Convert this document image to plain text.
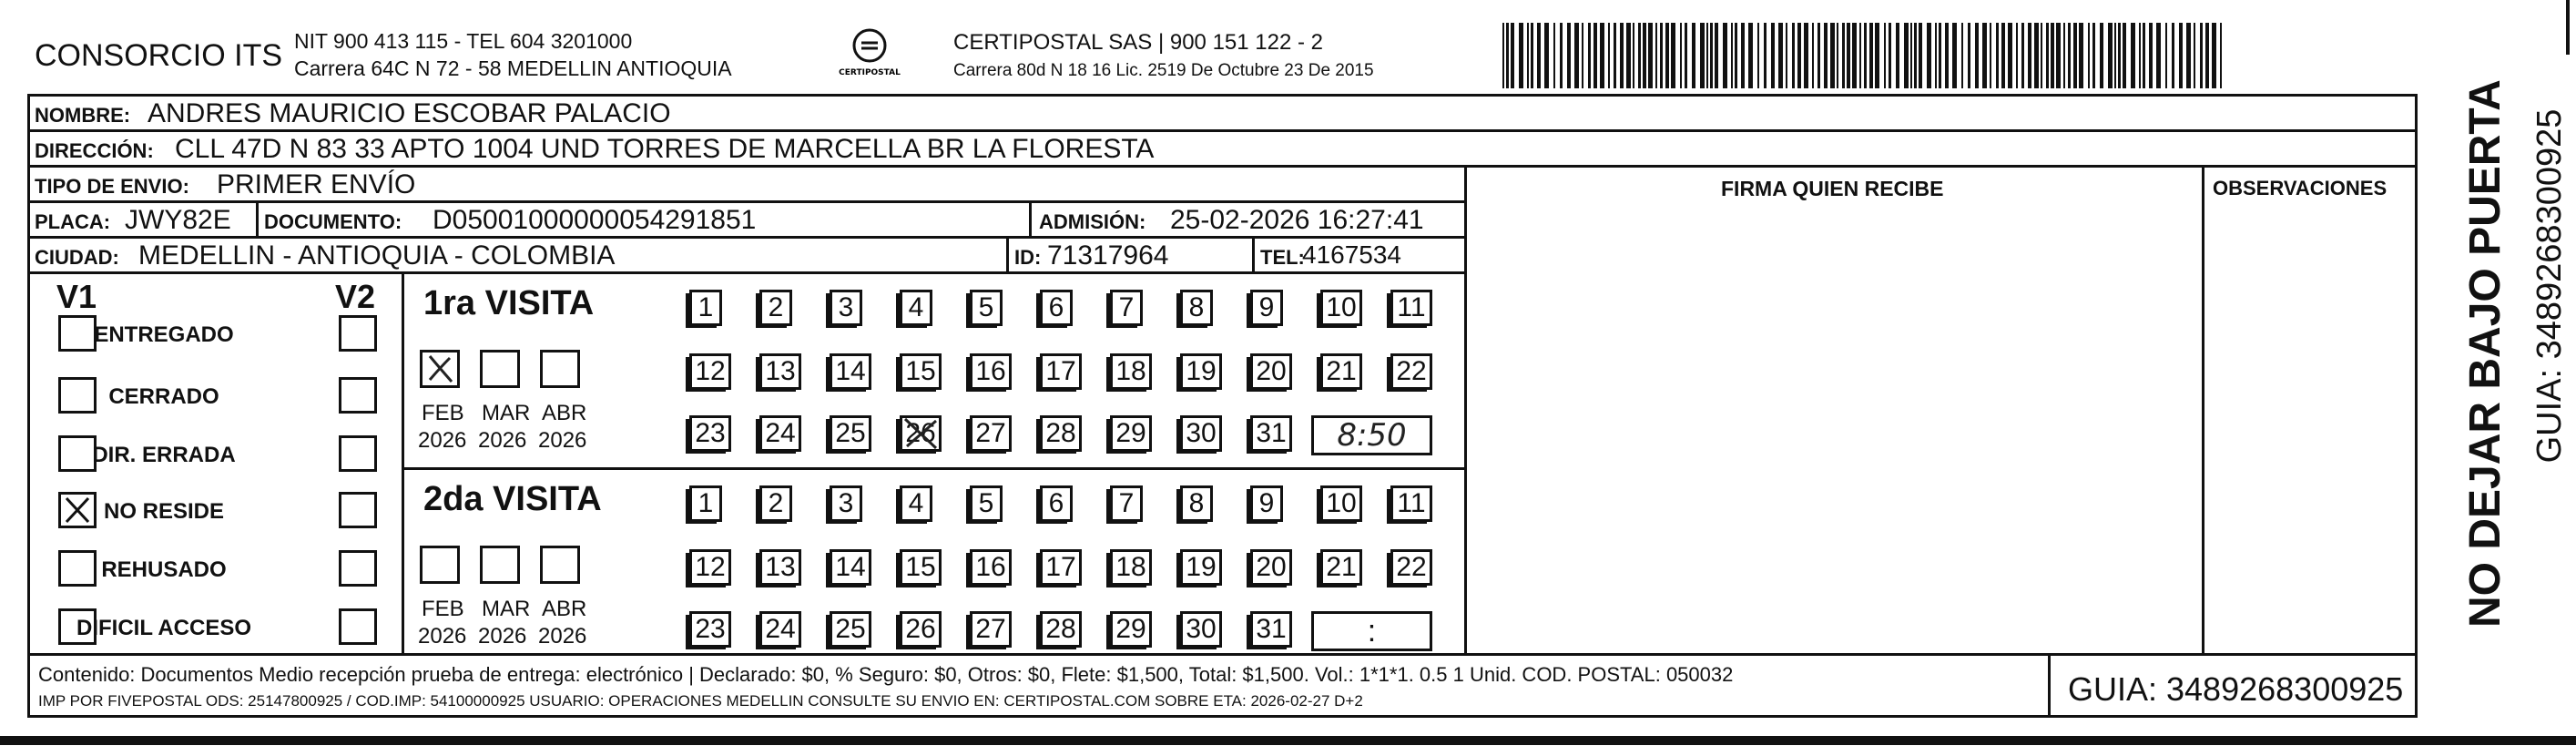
CONSORCIO ITS NIT 900 413 115 - TEL 604 3201000
Carrera 64C N 72 - 58 MEDELLIN ANTIOQUIA	CERTIPOSTAL
CERTIPOSTAL SAS | 900 151 122 - 2
Carrera 80d N 18 16 Lic. 2519 De Octubre 23 De 2015
NOMBRE: ANDRES MAURICIO ESCOBAR PALACIO
DIRECCIÓN: CLL 47D N 83 33 APTO 1004 UND TORRES DE MARCELLA BR LA FLORESTA
TIPO DE ENVIO: PRIMER ENVÍO
PLACA: JWY82E DOCUMENTO: D05001000000054291851	ADMISIÓN: 25-02-2026 16:27:41
CIUDAD: MEDELLIN - ANTIOQUIA - COLOMBIA	ID: 71317964	TEL:
4167534
FIRMA QUIEN RECIBE	OBSERVACIONES
V1	V2
ENTREGADO
CERRADO
DIR. ERRADA
NO RESIDE
REHUSADO
DIFICIL ACCESO
1ra VISITA
FEB
2026
MAR
2026
ABR
2026
1	2	3	4	5	6	7	8	9	10 11
12 13 14 15 16 17 18 19 20 21 22
23 24 25 26 27 28 29 30 31 8:50
2da VISITA
FEB
2026
MAR
2026
ABR
2026
1	2	3	4	5	6	7	8	9	10 11
12 13 14 15 16 17 18 19 20 21 22
23 24 25 26 27 28 29 30 31	:
NO DEJAR BAJO PUERTA GUIA: 3489268300925
Contenido: Documentos Medio recepción prueba de entrega: electrónico | Declarado: $0, % Seguro: $0, Otros: $0, Flete: $1,500, Total: $1,500. Vol.: 1*1*1. 0.5 1 Unid. COD. POSTAL: 050032
IMP POR FIVEPOSTAL ODS: 25147800925 / COD.IMP: 54100000925 USUARIO: OPERACIONES MEDELLIN CONSULTE SU ENVIO EN: CERTIPOSTAL.COM SOBRE ETA: 2026-02-27 D+2	GUIA: 3489268300925
